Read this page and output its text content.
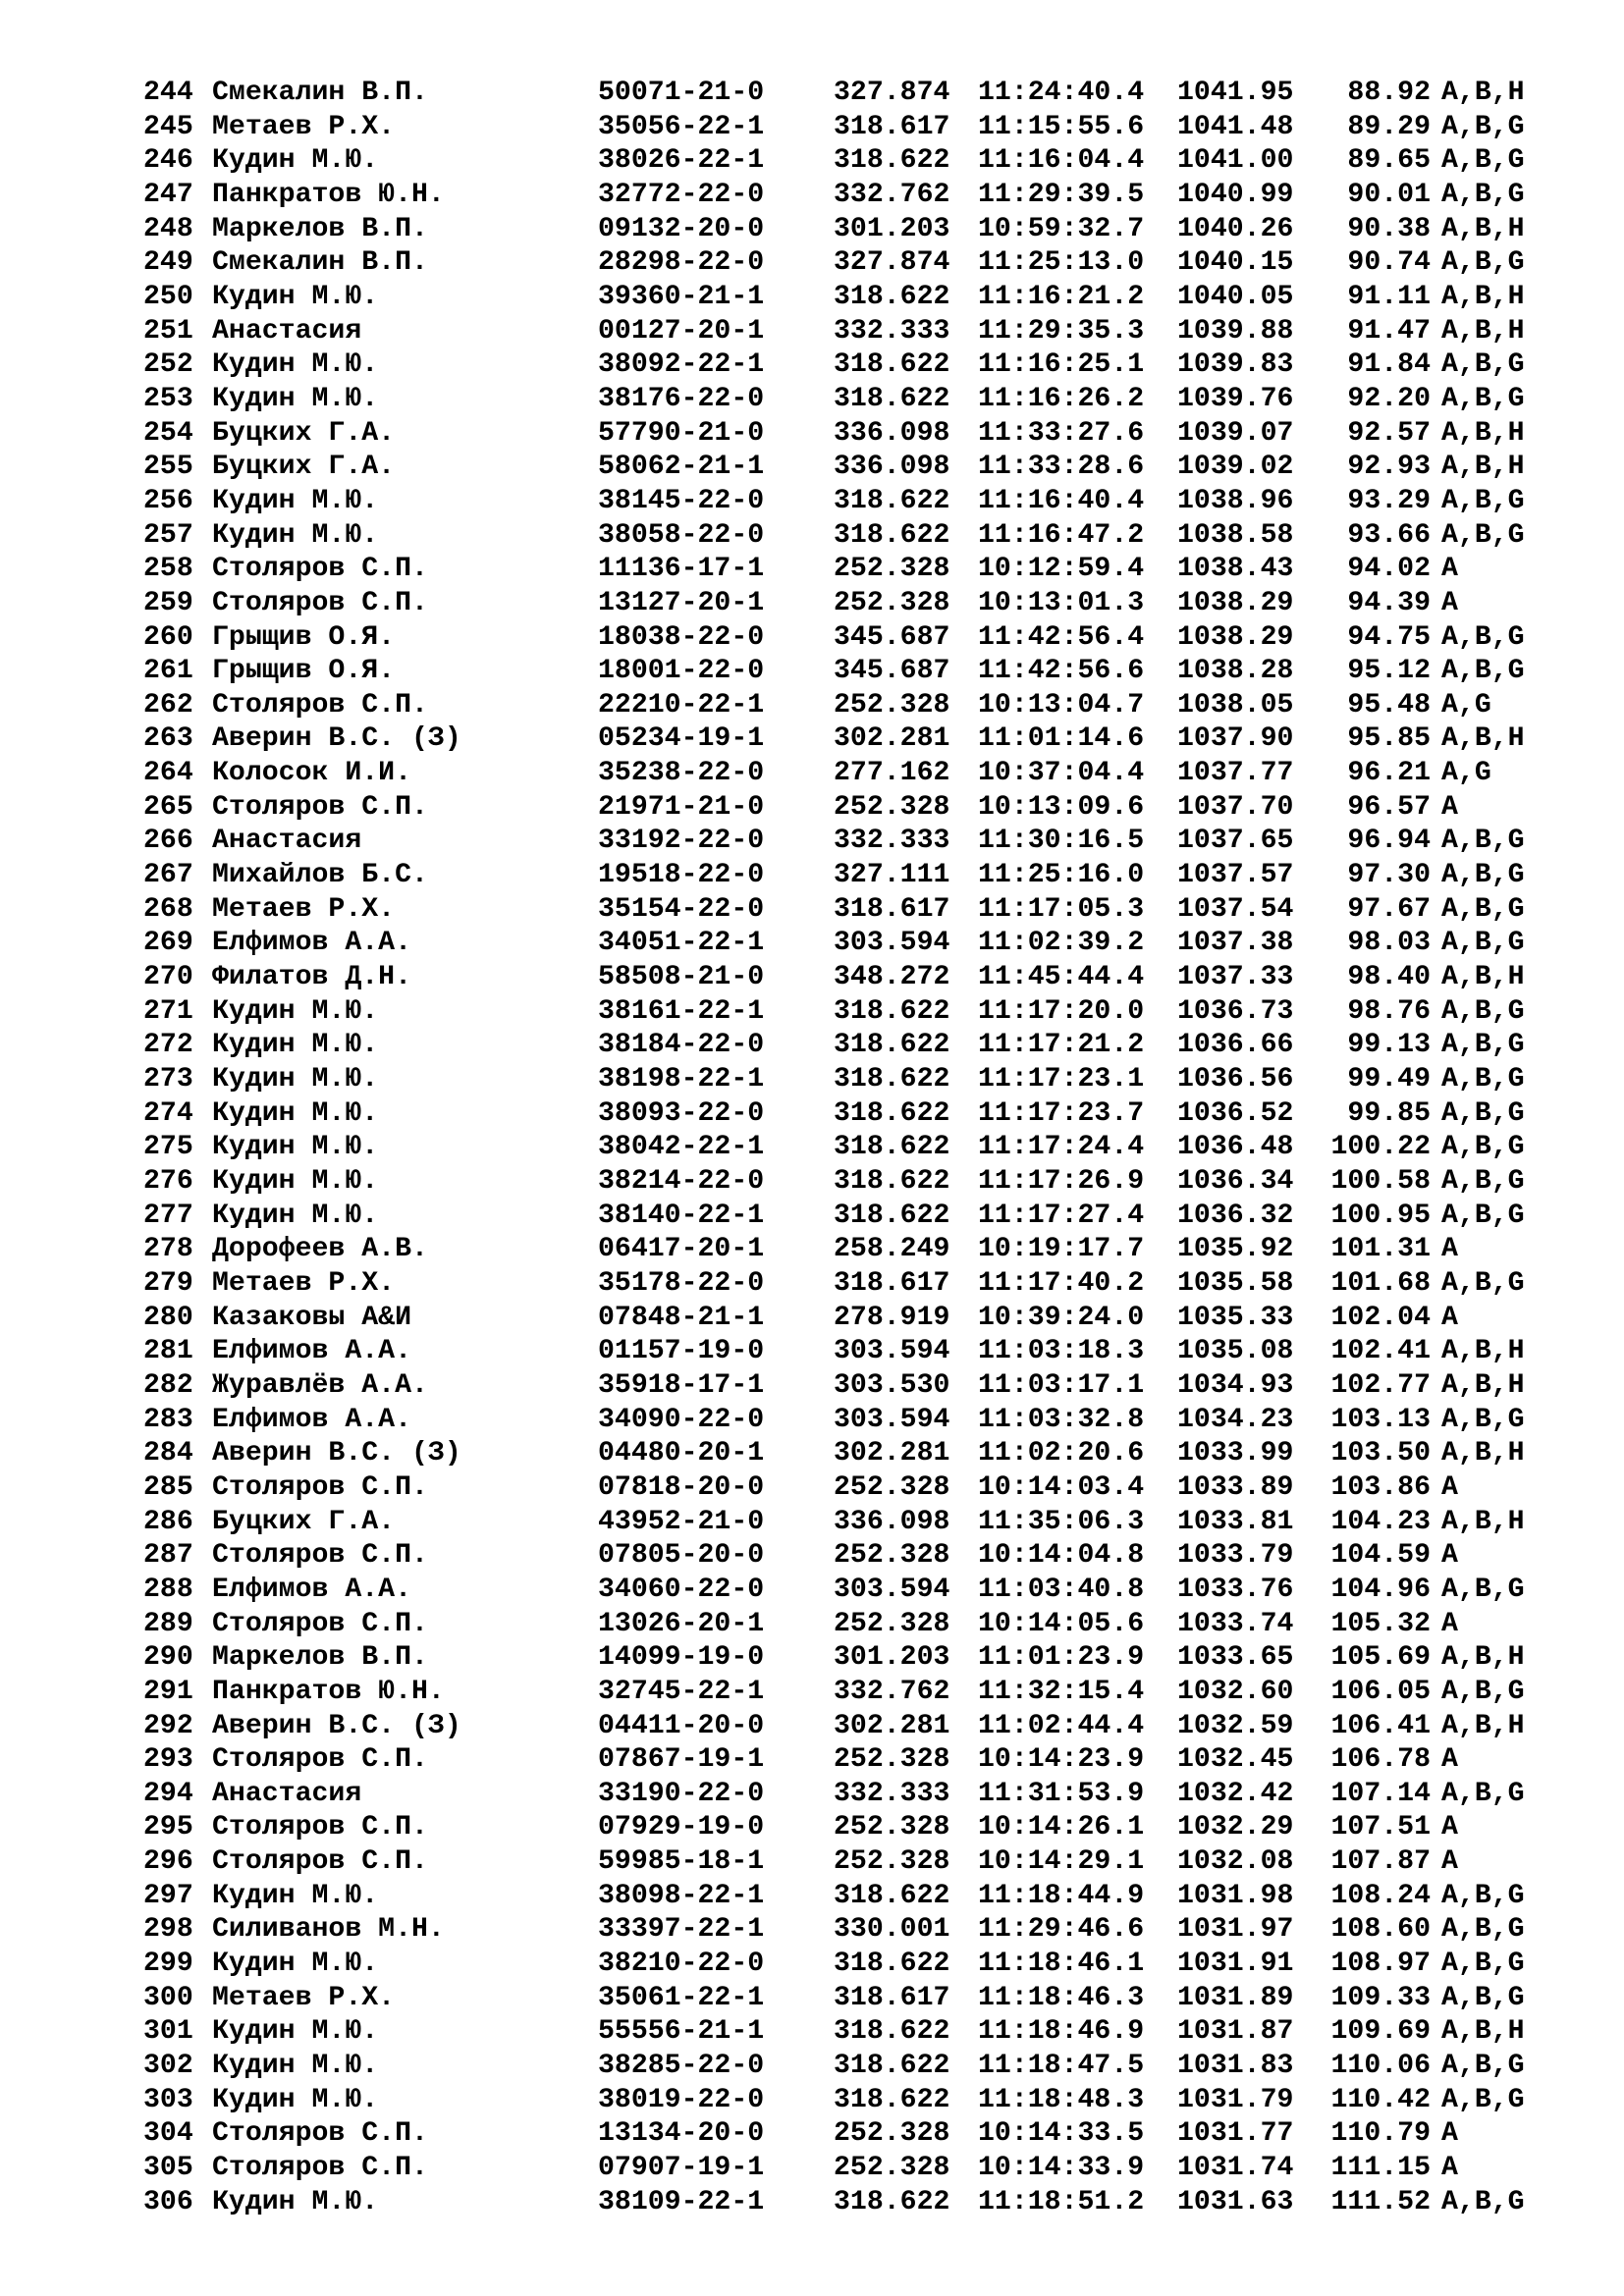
244	Смекалин В.П.	50071-21-0	327.874	11:24:40.4	1041.95	88.92	A,B,H
245	Метаев Р.Х.	35056-22-1	318.617	11:15:55.6	1041.48	89.29	A,B,G
246	Кудин М.Ю.	38026-22-1	318.622	11:16:04.4	1041.00	89.65	A,B,G
247	Панкратов Ю.Н.	32772-22-0	332.762	11:29:39.5	1040.99	90.01	A,B,G
248	Маркелов В.П.	09132-20-0	301.203	10:59:32.7	1040.26	90.38	A,B,H
249	Смекалин В.П.	28298-22-0	327.874	11:25:13.0	1040.15	90.74	A,B,G
250	Кудин М.Ю.	39360-21-1	318.622	11:16:21.2	1040.05	91.11	A,B,H
251	Анастасия	00127-20-1	332.333	11:29:35.3	1039.88	91.47	A,B,H
252	Кудин М.Ю.	38092-22-1	318.622	11:16:25.1	1039.83	91.84	A,B,G
253	Кудин М.Ю.	38176-22-0	318.622	11:16:26.2	1039.76	92.20	A,B,G
254	Буцких Г.А.	57790-21-0	336.098	11:33:27.6	1039.07	92.57	A,B,H
255	Буцких Г.А.	58062-21-1	336.098	11:33:28.6	1039.02	92.93	A,B,H
256	Кудин М.Ю.	38145-22-0	318.622	11:16:40.4	1038.96	93.29	A,B,G
257	Кудин М.Ю.	38058-22-0	318.622	11:16:47.2	1038.58	93.66	A,B,G
258	Столяров С.П.	11136-17-1	252.328	10:12:59.4	1038.43	94.02	A
259	Столяров С.П.	13127-20-1	252.328	10:13:01.3	1038.29	94.39	A
260	Грыщив О.Я.	18038-22-0	345.687	11:42:56.4	1038.29	94.75	A,B,G
261	Грыщив О.Я.	18001-22-0	345.687	11:42:56.6	1038.28	95.12	A,B,G
262	Столяров С.П.	22210-22-1	252.328	10:13:04.7	1038.05	95.48	A,G
263	Аверин В.С. (З)	05234-19-1	302.281	11:01:14.6	1037.90	95.85	A,B,H
264	Колосок И.И.	35238-22-0	277.162	10:37:04.4	1037.77	96.21	A,G
265	Столяров С.П.	21971-21-0	252.328	10:13:09.6	1037.70	96.57	A
266	Анастасия	33192-22-0	332.333	11:30:16.5	1037.65	96.94	A,B,G
267	Михайлов Б.С.	19518-22-0	327.111	11:25:16.0	1037.57	97.30	A,B,G
268	Метаев Р.Х.	35154-22-0	318.617	11:17:05.3	1037.54	97.67	A,B,G
269	Елфимов А.А.	34051-22-1	303.594	11:02:39.2	1037.38	98.03	A,B,G
270	Филатов Д.Н.	58508-21-0	348.272	11:45:44.4	1037.33	98.40	A,B,H
271	Кудин М.Ю.	38161-22-1	318.622	11:17:20.0	1036.73	98.76	A,B,G
272	Кудин М.Ю.	38184-22-0	318.622	11:17:21.2	1036.66	99.13	A,B,G
273	Кудин М.Ю.	38198-22-1	318.622	11:17:23.1	1036.56	99.49	A,B,G
274	Кудин М.Ю.	38093-22-0	318.622	11:17:23.7	1036.52	99.85	A,B,G
275	Кудин М.Ю.	38042-22-1	318.622	11:17:24.4	1036.48	100.22	A,B,G
276	Кудин М.Ю.	38214-22-0	318.622	11:17:26.9	1036.34	100.58	A,B,G
277	Кудин М.Ю.	38140-22-1	318.622	11:17:27.4	1036.32	100.95	A,B,G
278	Дорофеев А.В.	06417-20-1	258.249	10:19:17.7	1035.92	101.31	A
279	Метаев Р.Х.	35178-22-0	318.617	11:17:40.2	1035.58	101.68	A,B,G
280	Казаковы А&И	07848-21-1	278.919	10:39:24.0	1035.33	102.04	A
281	Елфимов А.А.	01157-19-0	303.594	11:03:18.3	1035.08	102.41	A,B,H
282	Журавлёв А.А.	35918-17-1	303.530	11:03:17.1	1034.93	102.77	A,B,H
283	Елфимов А.А.	34090-22-0	303.594	11:03:32.8	1034.23	103.13	A,B,G
284	Аверин В.С. (З)	04480-20-1	302.281	11:02:20.6	1033.99	103.50	A,B,H
285	Столяров С.П.	07818-20-0	252.328	10:14:03.4	1033.89	103.86	A
286	Буцких Г.А.	43952-21-0	336.098	11:35:06.3	1033.81	104.23	A,B,H
287	Столяров С.П.	07805-20-0	252.328	10:14:04.8	1033.79	104.59	A
288	Елфимов А.А.	34060-22-0	303.594	11:03:40.8	1033.76	104.96	A,B,G
289	Столяров С.П.	13026-20-1	252.328	10:14:05.6	1033.74	105.32	A
290	Маркелов В.П.	14099-19-0	301.203	11:01:23.9	1033.65	105.69	A,B,H
291	Панкратов Ю.Н.	32745-22-1	332.762	11:32:15.4	1032.60	106.05	A,B,G
292	Аверин В.С. (З)	04411-20-0	302.281	11:02:44.4	1032.59	106.41	A,B,H
293	Столяров С.П.	07867-19-1	252.328	10:14:23.9	1032.45	106.78	A
294	Анастасия	33190-22-0	332.333	11:31:53.9	1032.42	107.14	A,B,G
295	Столяров С.П.	07929-19-0	252.328	10:14:26.1	1032.29	107.51	A
296	Столяров С.П.	59985-18-1	252.328	10:14:29.1	1032.08	107.87	A
297	Кудин М.Ю.	38098-22-1	318.622	11:18:44.9	1031.98	108.24	A,B,G
298	Силиванов М.Н.	33397-22-1	330.001	11:29:46.6	1031.97	108.60	A,B,G
299	Кудин М.Ю.	38210-22-0	318.622	11:18:46.1	1031.91	108.97	A,B,G
300	Метаев Р.Х.	35061-22-1	318.617	11:18:46.3	1031.89	109.33	A,B,G
301	Кудин М.Ю.	55556-21-1	318.622	11:18:46.9	1031.87	109.69	A,B,H
302	Кудин М.Ю.	38285-22-0	318.622	11:18:47.5	1031.83	110.06	A,B,G
303	Кудин М.Ю.	38019-22-0	318.622	11:18:48.3	1031.79	110.42	A,B,G
304	Столяров С.П.	13134-20-0	252.328	10:14:33.5	1031.77	110.79	A
305	Столяров С.П.	07907-19-1	252.328	10:14:33.9	1031.74	111.15	A
306	Кудин М.Ю.	38109-22-1	318.622	11:18:51.2	1031.63	111.52	A,B,G
